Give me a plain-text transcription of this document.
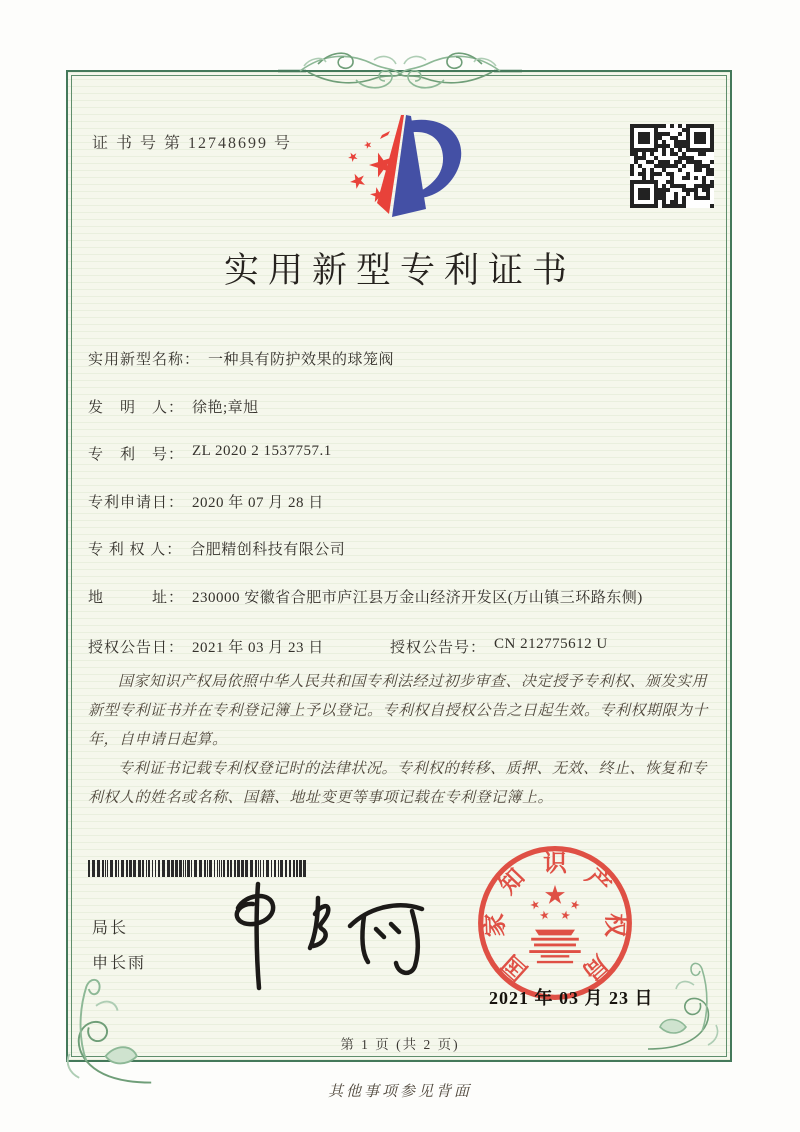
证 书 号 第 12748699 号
实用新型专利证书
实用新型名称： 一种具有防护效果的球笼阀
发　明　人： 徐艳;章旭
专　利　号： ZL 2020 2 1537757.1
专利申请日： 2020 年 07 月 28 日
专 利 权 人： 合肥精创科技有限公司
地　　　址： 230000 安徽省合肥市庐江县万金山经济开发区(万山镇三环路东侧)
授权公告日： 2021 年 03 月 23 日	授权公告号： CN 212775612 U

国家知识产权局依照中华人民共和国专利法经过初步审查、决定授予专利权、颁发实用新型专利证书并在专利登记簿上予以登记。专利权自授权公告之日起生效。专利权期限为十年，自申请日起算。

专利证书记载专利权登记时的法律状况。专利权的转移、质押、无效、终止、恢复和专利权人的姓名或名称、国籍、地址变更等事项记载在专利登记簿上。

局长
申长雨	国
家
知
识
产
权
局
2021 年 03 月 23 日
第 1 页 (共 2 页)
其他事项参见背面
